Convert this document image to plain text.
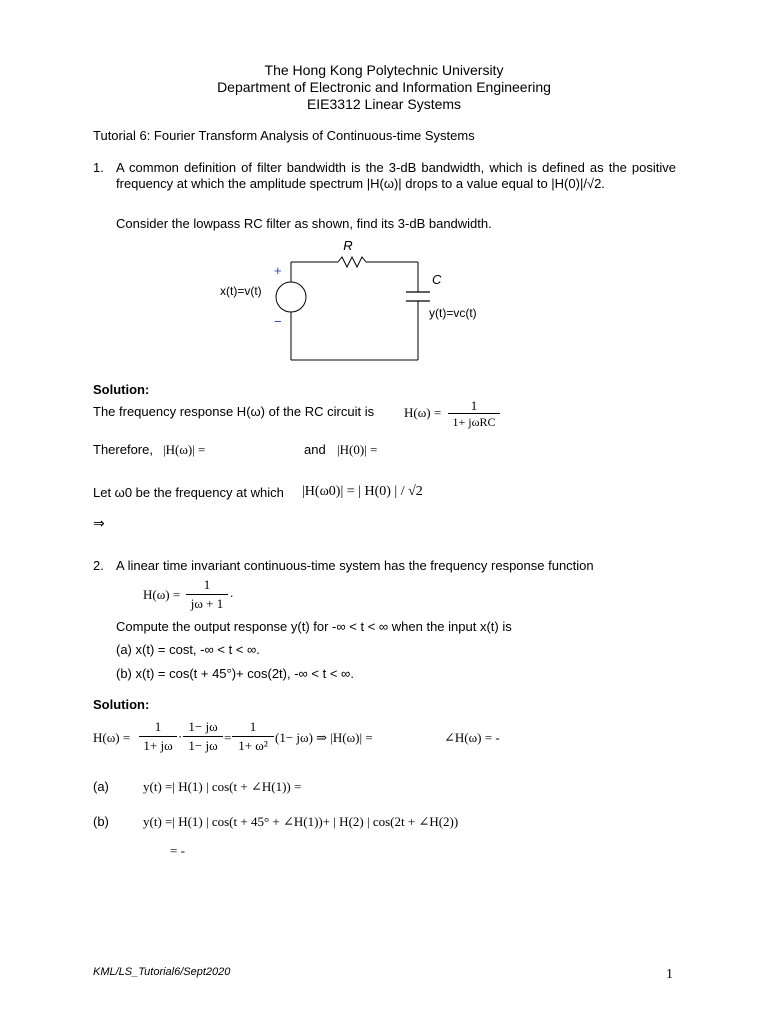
The Hong Kong Polytechnic University
Department of Electronic and Information Engineering
EIE3312 Linear Systems
Tutorial 6: Fourier Transform Analysis of Continuous-time Systems
1. A common definition of filter bandwidth is the 3-dB bandwidth, which is defined as the positive frequency at which the amplitude spectrum |H(ω)| drops to a value equal to |H(0)|/√2.
Consider the lowpass RC filter as shown, find its 3-dB bandwidth.
R
C
+
−
x(t)=v(t)
y(t)=vc(t)
Solution:
The frequency response H(ω) of the RC circuit is H(ω) =	1
1+ jωRC
Therefore, |H(ω)| =	and |H(0)| =
Let ω0 be the frequency at which |H(ω0)| = | H(0) | / √2
⇒
2. A linear time invariant continuous-time system has the frequency response function
H(ω) =
1
jω + 1
.
Compute the output response y(t) for -∞ < t < ∞ when the input x(t) is
(a) x(t) = cost, -∞ < t < ∞.
(b) x(t) = cos(t + 45°)+ cos(2t), -∞ < t < ∞.
Solution:
H(ω) =
1
1+ jω
·
1− jω
1− jω
=
1
1+ ω²
(1− jω) ⇒ |H(ω)| =	∠H(ω) = -
(a)	y(t) =| H(1) | cos(t + ∠H(1)) =
(b)	y(t) =| H(1) | cos(t + 45° + ∠H(1))+ | H(2) | cos(2t + ∠H(2))
= -
KML/LS_Tutorial6/Sept2020	1
